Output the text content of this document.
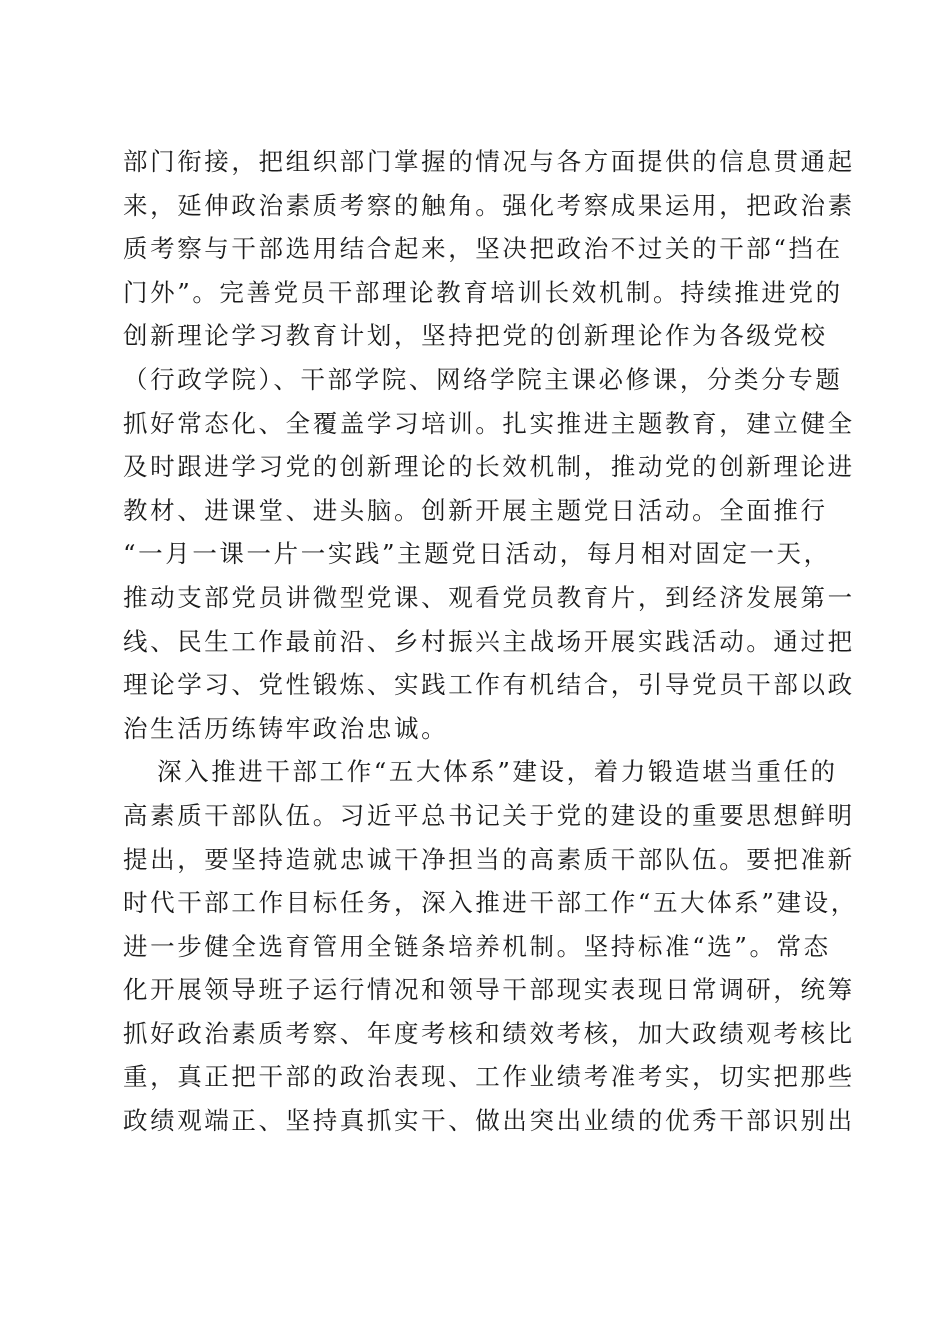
部门衔接，把组织部门掌握的情况与各方面提供的信息贯通起
来，延伸政治素质考察的触角。强化考察成果运用，把政治素
质考察与干部选用结合起来，坚决把政治不过关的干部“挡在
门外”。完善党员干部理论教育培训长效机制。持续推进党的
创新理论学习教育计划，坚持把党的创新理论作为各级党校
（行政学院）、干部学院、网络学院主课必修课，分类分专题
抓好常态化、全覆盖学习培训。扎实推进主题教育，建立健全
及时跟进学习党的创新理论的长效机制，推动党的创新理论进
教材、进课堂、进头脑。创新开展主题党日活动。全面推行
“一月一课一片一实践”主题党日活动，每月相对固定一天，
推动支部党员讲微型党课、观看党员教育片，到经济发展第一
线、民生工作最前沿、乡村振兴主战场开展实践活动。通过把
理论学习、党性锻炼、实践工作有机结合，引导党员干部以政
治生活历练铸牢政治忠诚。
深入推进干部工作“五大体系”建设，着力锻造堪当重任的
高素质干部队伍。习近平总书记关于党的建设的重要思想鲜明
提出，要坚持造就忠诚干净担当的高素质干部队伍。要把准新
时代干部工作目标任务，深入推进干部工作“五大体系”建设，
进一步健全选育管用全链条培养机制。坚持标准“选”。常态
化开展领导班子运行情况和领导干部现实表现日常调研，统筹
抓好政治素质考察、年度考核和绩效考核，加大政绩观考核比
重，真正把干部的政治表现、工作业绩考准考实，切实把那些
政绩观端正、坚持真抓实干、做出突出业绩的优秀干部识别出
